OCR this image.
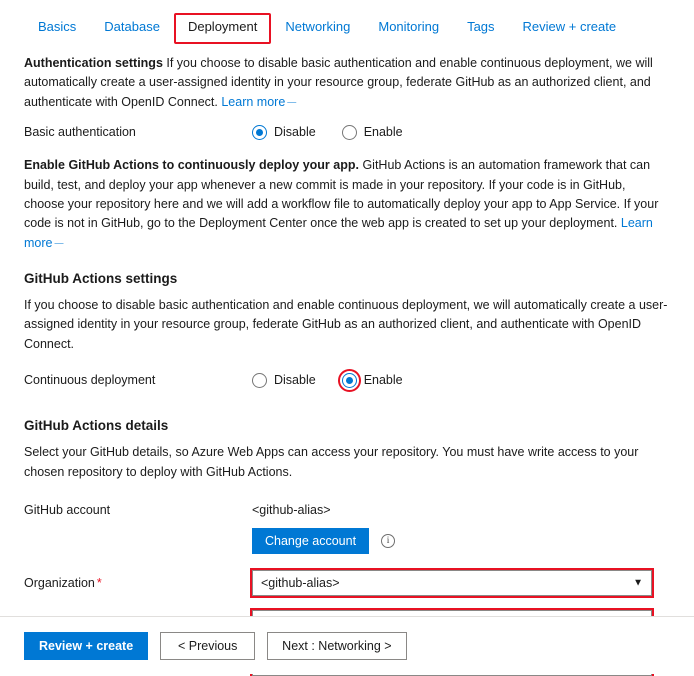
Basics	Database	Deployment	Networking	Monitoring	Tags	Review + create

Authentication settings If you choose to disable basic authentication and enable continuous deployment, we will automatically create a user-assigned identity in your resource group, federate GitHub as an authorized client, and authenticate with OpenID Connect. Learn more ⎼

Basic authentication	Disable	Enable

Enable GitHub Actions to continuously deploy your app. GitHub Actions is an automation framework that can build, test, and deploy your app whenever a new commit is made in your repository. If your code is in GitHub, choose your repository here and we will add a workflow file to automatically deploy your app to App Service. If your code is not in GitHub, go to the Deployment Center once the web app is created to set up your deployment. Learn more ⎼

GitHub Actions settings

If you choose to disable basic authentication and enable continuous deployment, we will automatically create a user-assigned identity in your resource group, federate GitHub as an authorized client, and authenticate with OpenID Connect.

Continuous deployment	Disable	Enable
GitHub Actions details

Select your GitHub details, so Azure Web Apps can access your repository. You must have write access to your chosen repository to deploy with GitHub Actions.

GitHub account	<github-alias>
Change account	i
Organization *	<github-alias>	▼
Review + create	< Previous	Next : Networking >
